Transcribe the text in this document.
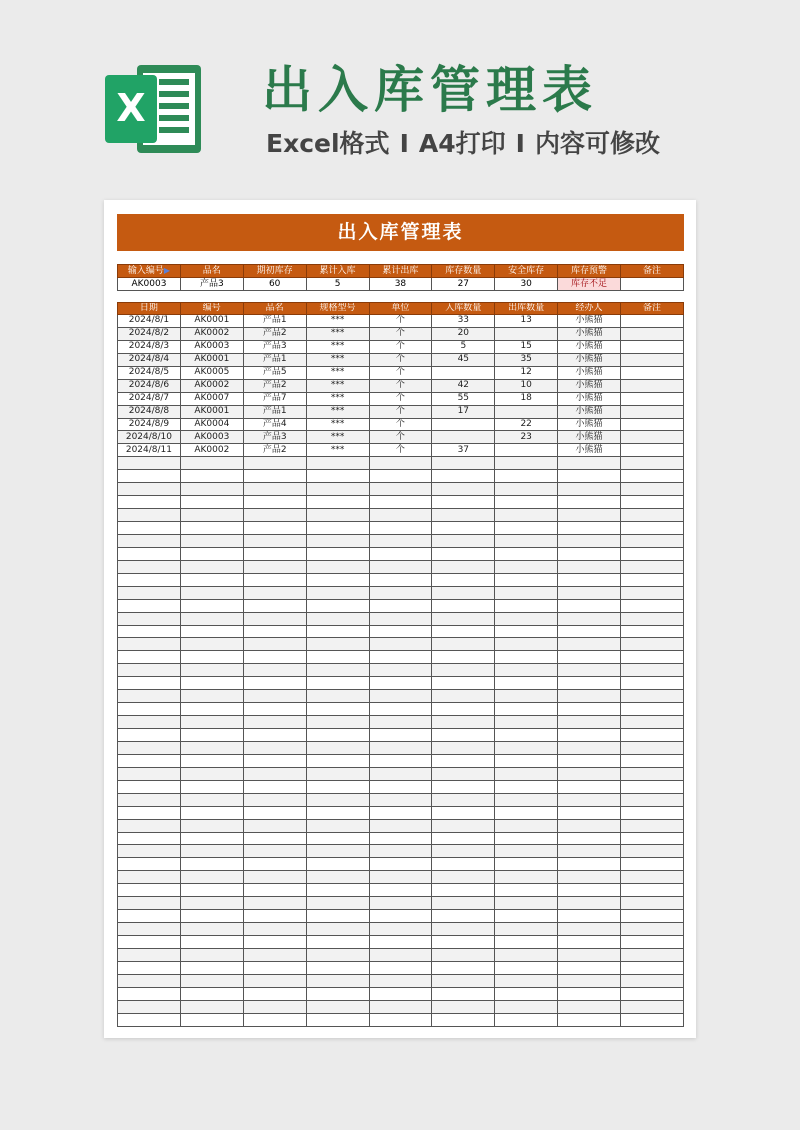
X 出入库管理表
Excel格式 I A4打印 I 内容可修改
出入库管理表
输入编号▶	品名	期初库存	累计入库	累计出库	库存数量	安全库存	库存预警	备注
AK0003	产品3	60	5	38	27	30	库存不足	
日期	编号	品名	规格型号	单位	入库数量	出库数量	经办人	备注
2024/8/1	AK0001	产品1	***	个	33	13	小熊猫	
2024/8/2	AK0002	产品2	***	个	20		小熊猫	
2024/8/3	AK0003	产品3	***	个	5	15	小熊猫	
2024/8/4	AK0001	产品1	***	个	45	35	小熊猫	
2024/8/5	AK0005	产品5	***	个		12	小熊猫	
2024/8/6	AK0002	产品2	***	个	42	10	小熊猫	
2024/8/7	AK0007	产品7	***	个	55	18	小熊猫	
2024/8/8	AK0001	产品1	***	个	17		小熊猫	
2024/8/9	AK0004	产品4	***	个		22	小熊猫	
2024/8/10	AK0003	产品3	***	个		23	小熊猫	
2024/8/11	AK0002	产品2	***	个	37		小熊猫	
